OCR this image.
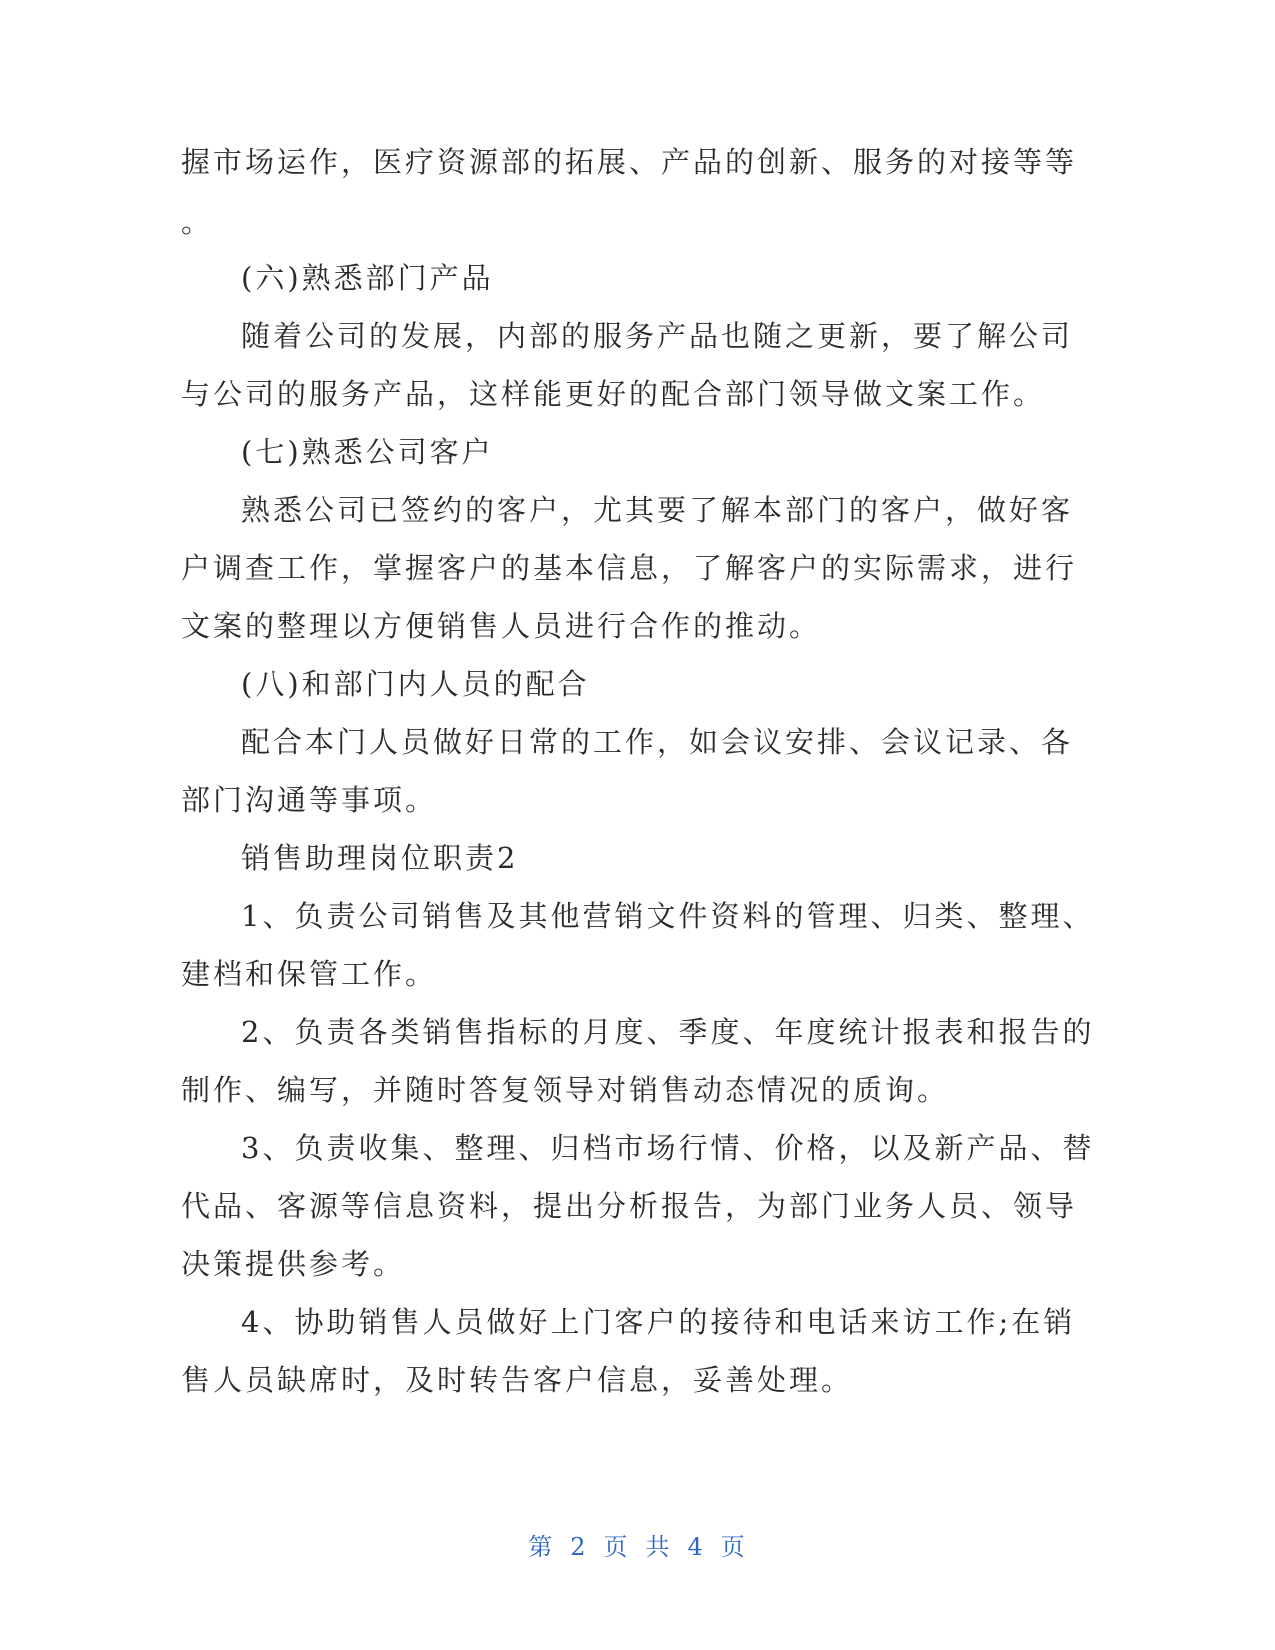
握市场运作，医疗资源部的拓展、产品的创新、服务的对接等等

。

(六)熟悉部门产品

随着公司的发展，内部的服务产品也随之更新，要了解公司

与公司的服务产品，这样能更好的配合部门领导做文案工作。

(七)熟悉公司客户

熟悉公司已签约的客户，尤其要了解本部门的客户，做好客

户调查工作，掌握客户的基本信息，了解客户的实际需求，进行

文案的整理以方便销售人员进行合作的推动。

(八)和部门内人员的配合

配合本门人员做好日常的工作，如会议安排、会议记录、各

部门沟通等事项。

销售助理岗位职责2

1、负责公司销售及其他营销文件资料的管理、归类、整理、

建档和保管工作。

2、负责各类销售指标的月度、季度、年度统计报表和报告的

制作、编写，并随时答复领导对销售动态情况的质询。

3、负责收集、整理、归档市场行情、价格，以及新产品、替

代品、客源等信息资料，提出分析报告，为部门业务人员、领导

决策提供参考。

4、协助销售人员做好上门客户的接待和电话来访工作;在销

售人员缺席时，及时转告客户信息，妥善处理。

第 2 页 共 4 页
